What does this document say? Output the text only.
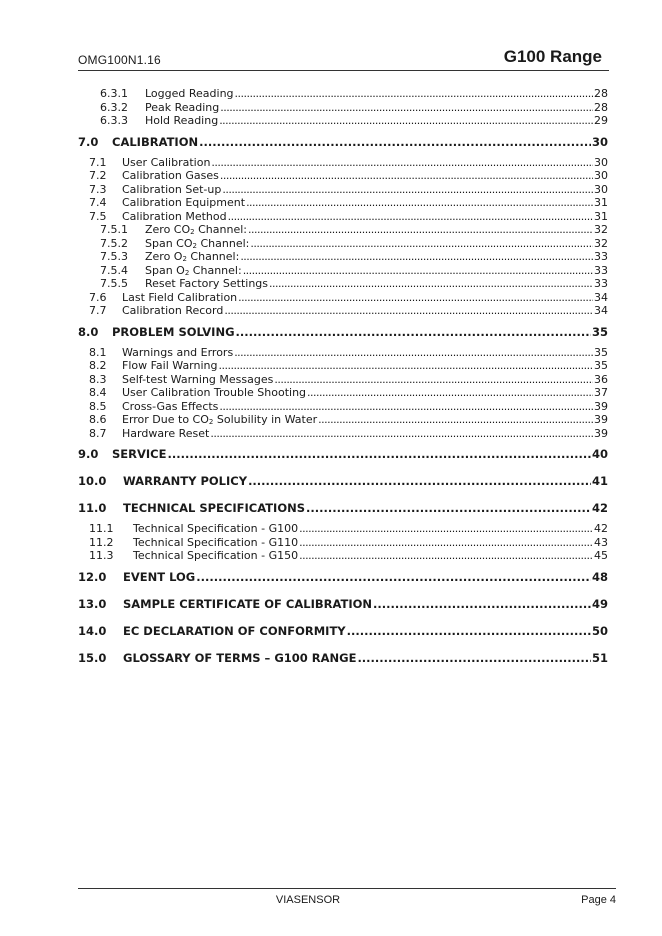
OMG100N1.16	G100 Range
6.3.1	Logged Reading . . .	28
6.3.2	Peak Reading . . .	28
6.3.3	Hold Reading . . .	29
7.0	CALIBRATION . . .	30
7.1	User Calibration . . .	30
7.2	Calibration Gases . . .	30
7.3	Calibration Set-up . . .	30
7.4	Calibration Equipment . . .	31
7.5	Calibration Method . . .	31
7.5.1	Zero $CO_2$ Channel: . . .	32
7.5.2	Span $CO_2$ Channel: . . .	32
7.5.3	Zero $O_2$ Channel: . . .	33
7.5.4	Span $O_2$ Channel: . . .	33
7.5.5	Reset Factory Settings . . .	33
7.6	Last Field Calibration . . .	34
7.7	Calibration Record . . .	34
8.0	PROBLEM SOLVING . . .	35
8.1	Warnings and Errors . . .	35
8.2	Flow Fail Warning . . .	35
8.3	Self-test Warning Messages . . .	36
8.4	User Calibration Trouble Shooting . . .	37
8.5	Cross-Gas Effects . . .	39
8.6	Error Due to $CO_2$ Solubility in Water . . .	39
8.7	Hardware Reset . . .	39
9.0	SERVICE . . .	40
10.0	WARRANTY POLICY . . .	41
11.0	TECHNICAL SPECIFICATIONS . . .	42
11.1	Technical Specification - G100 . . .	42
11.2	Technical Specification - G110 . . .	43
11.3	Technical Specification - G150 . . .	45
12.0	EVENT LOG . . .	48
13.0	SAMPLE CERTIFICATE OF CALIBRATION . . .	49
14.0	EC DECLARATION OF CONFORMITY . . .	50
15.0	GLOSSARY OF TERMS – G100 RANGE . . .	51
VIASENSOR	Page 4
